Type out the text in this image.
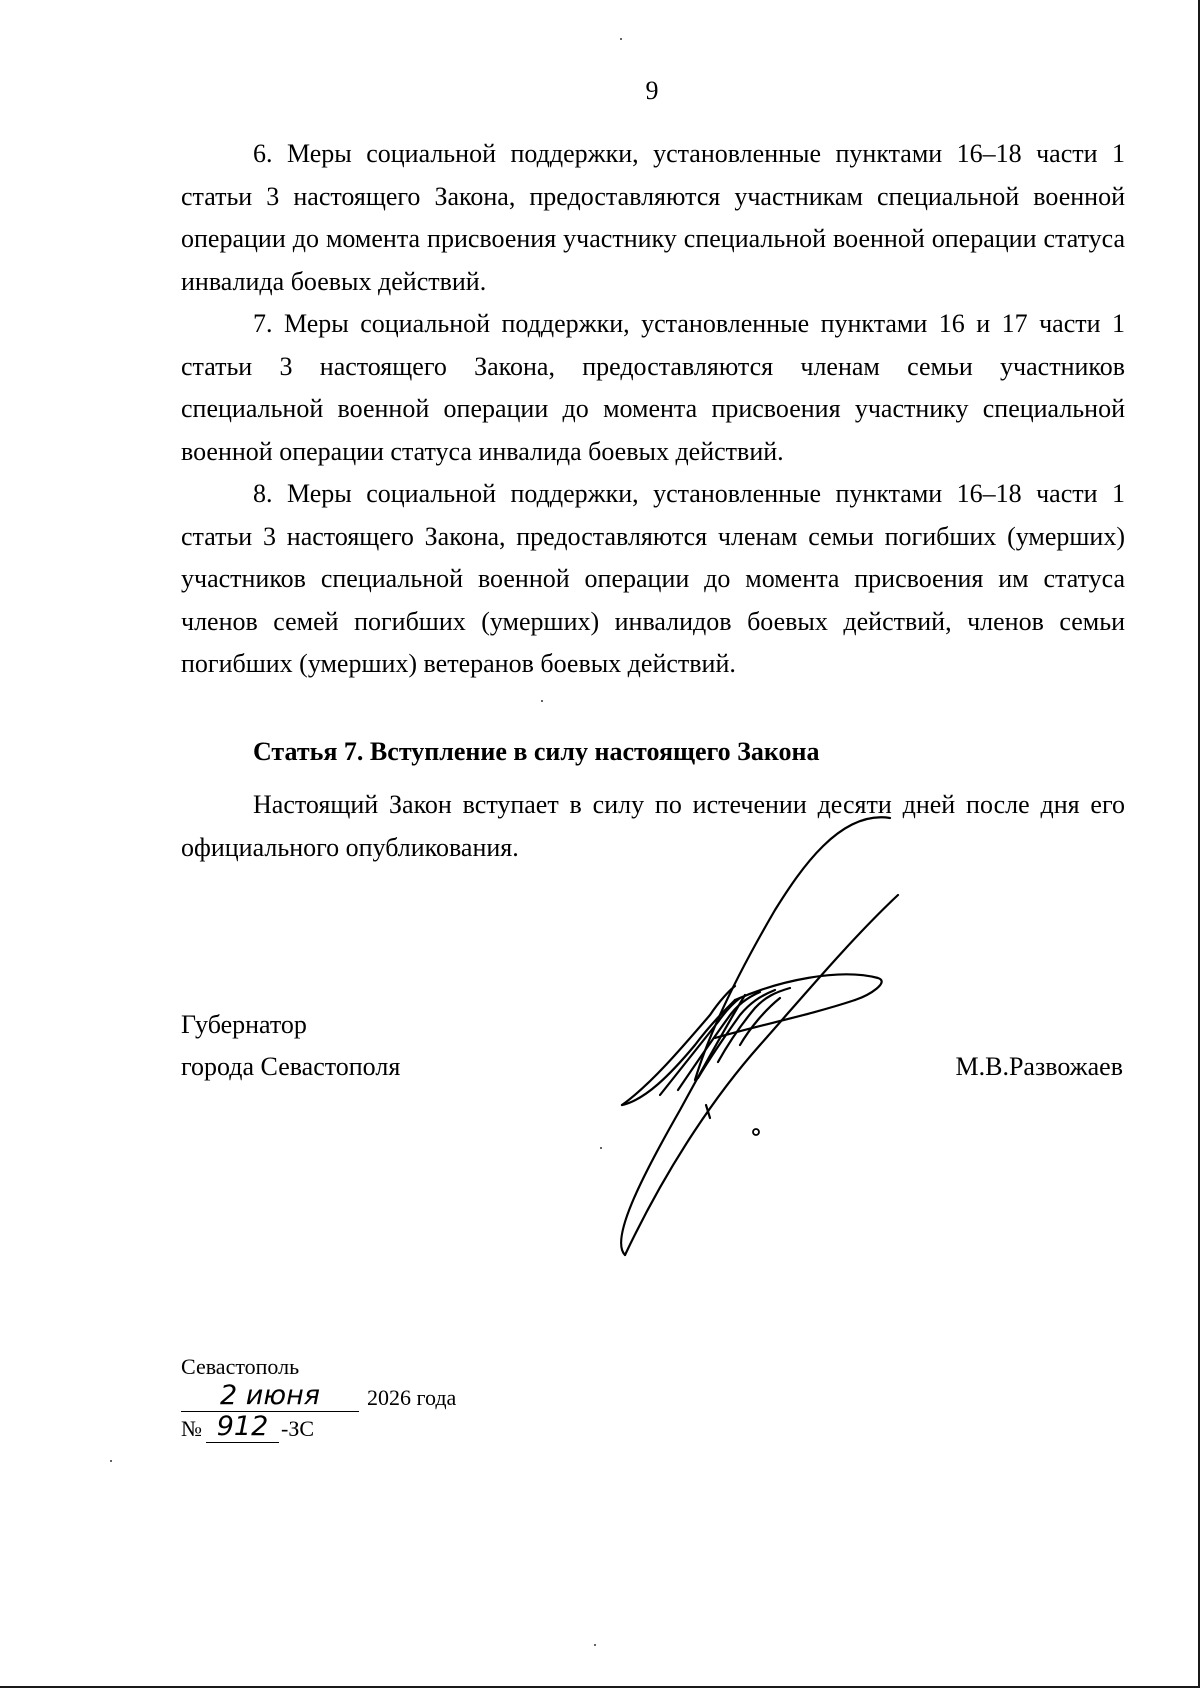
9

6. Меры социальной поддержки, установленные пунктами 16–18 части 1 статьи 3 настоящего Закона, предоставляются участникам специальной военной операции до момента присвоения участнику специальной военной операции статуса инвалида боевых действий.

7. Меры социальной поддержки, установленные пунктами 16 и 17 части 1 статьи 3 настоящего Закона, предоставляются членам семьи участников специальной военной операции до момента присвоения участнику специальной военной операции статуса инвалида боевых действий.

8. Меры социальной поддержки, установленные пунктами 16–18 части 1 статьи 3 настоящего Закона, предоставляются членам семьи погибших (умерших) участников специальной военной операции до момента присвоения им статуса членов семей погибших (умерших) инвалидов боевых действий, членов семьи погибших (умерших) ветеранов боевых действий.

Статья 7. Вступление в силу настоящего Закона

Настоящий Закон вступает в силу по истечении десяти дней после дня его официального опубликования.

Губернатор
города Севастополя	М.В.Развожаев
Севастополь
2 июня	2026 года
№ 912 -ЗС
